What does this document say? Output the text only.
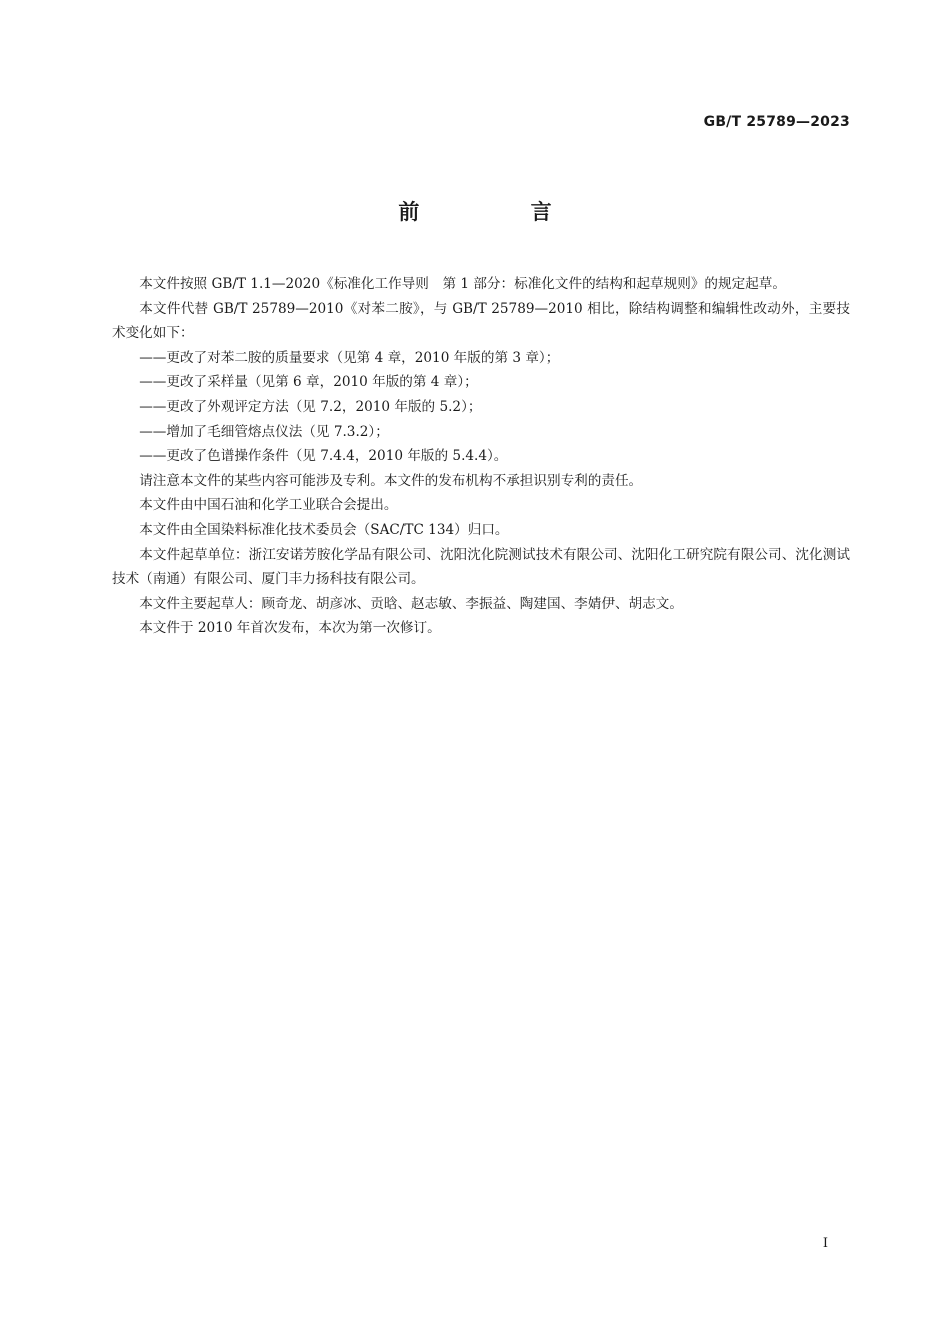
GB/T 25789—2023
前 言

本文件按照 GB/T 1.1—2020《标准化工作导则　第 1 部分：标准化文件的结构和起草规则》的规定起草。

本文件代替 GB/T 25789—2010《对苯二胺》，与 GB/T 25789—2010 相比，除结构调整和编辑性改动外，主要技术变化如下：

——更改了对苯二胺的质量要求（见第 4 章，2010 年版的第 3 章）；

——更改了采样量（见第 6 章，2010 年版的第 4 章）；

——更改了外观评定方法（见 7.2，2010 年版的 5.2）；

——增加了毛细管熔点仪法（见 7.3.2）；

——更改了色谱操作条件（见 7.4.4，2010 年版的 5.4.4）。

请注意本文件的某些内容可能涉及专利。本文件的发布机构不承担识别专利的责任。

本文件由中国石油和化学工业联合会提出。

本文件由全国染料标准化技术委员会（SAC/TC 134）归口。

本文件起草单位：浙江安诺芳胺化学品有限公司、沈阳沈化院测试技术有限公司、沈阳化工研究院有限公司、沈化测试技术（南通）有限公司、厦门丰力扬科技有限公司。

本文件主要起草人：顾奇龙、胡彦冰、贡晗、赵志敏、李振益、陶建国、李婧伊、胡志文。

本文件于 2010 年首次发布，本次为第一次修订。

I
